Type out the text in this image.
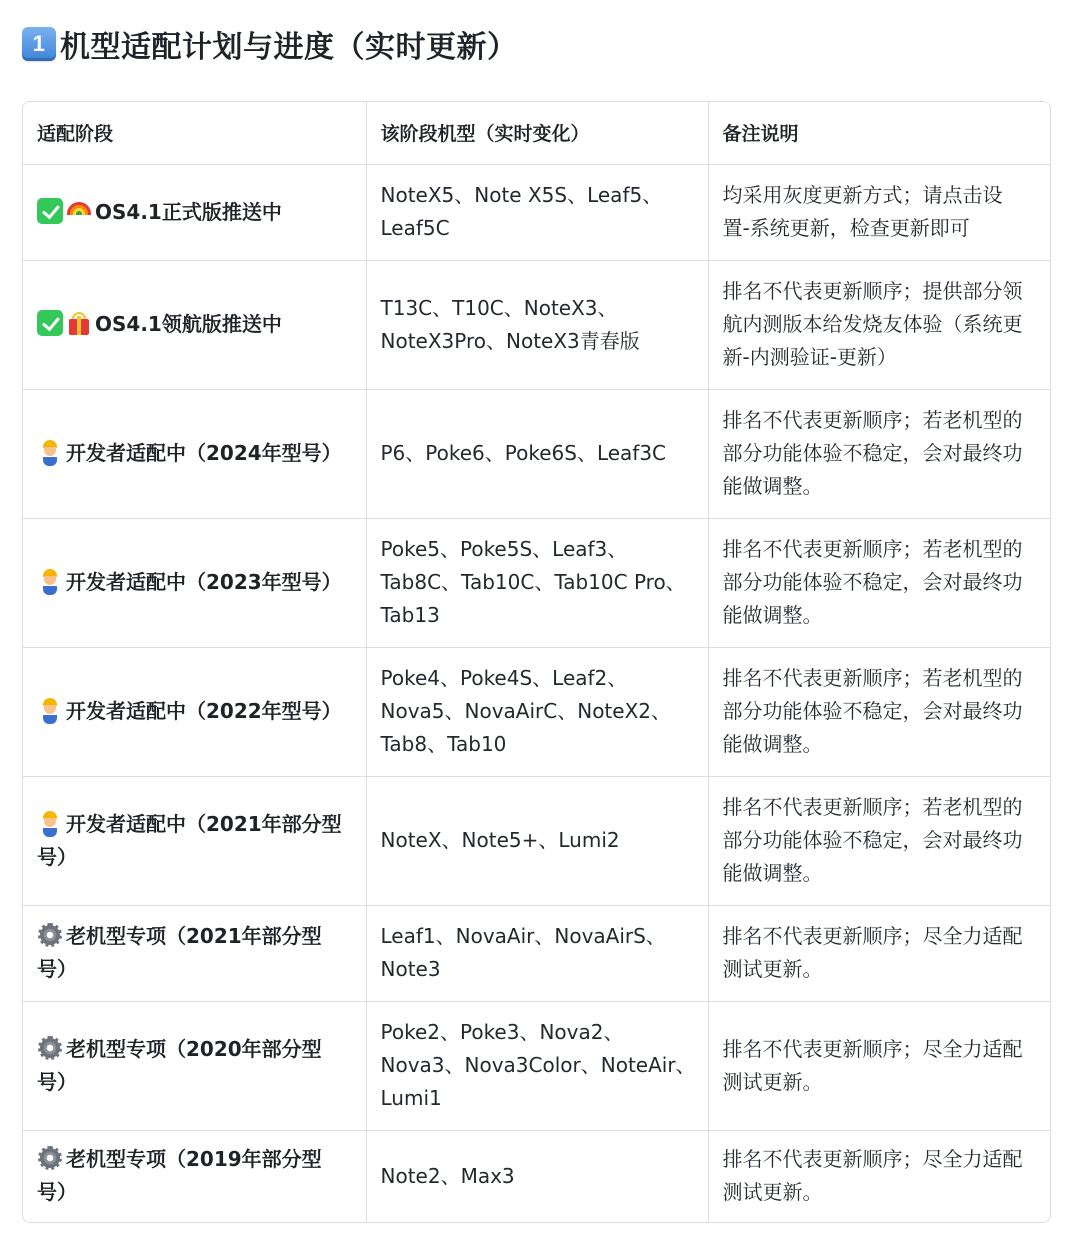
1 机型适配计划与进度（实时更新）
适配阶段	该阶段机型（实时变化）	备注说明
OS4.1正式版推送中	NoteX5、Note X5S、Leaf5、Leaf5C	均采用灰度更新方式；请点击设置-系统更新，检查更新即可

OS4.1领航版推送中	T13C、T10C、NoteX3、NoteX3Pro、NoteX3青春版	排名不代表更新顺序；提供部分领航内测版本给发烧友体验（系统更新-内测验证-更新）
开发者适配中（2024年型号）	P6、Poke6、Poke6S、Leaf3C	排名不代表更新顺序；若老机型的部分功能体验不稳定，会对最终功能做调整。
开发者适配中（2023年型号）	Poke5、Poke5S、Leaf3、Tab8C、Tab10C、Tab10C Pro、Tab13	排名不代表更新顺序；若老机型的部分功能体验不稳定，会对最终功能做调整。
开发者适配中（2022年型号）	Poke4、Poke4S、Leaf2、Nova5、NovaAirC、NoteX2、Tab8、Tab10	排名不代表更新顺序；若老机型的部分功能体验不稳定，会对最终功能做调整。
开发者适配中（2021年部分型号）	NoteX、Note5+、Lumi2	排名不代表更新顺序；若老机型的部分功能体验不稳定，会对最终功能做调整。
老机型专项（2021年部分型号）	Leaf1、NovaAir、NovaAirS、Note3	排名不代表更新顺序；尽全力适配测试更新。
老机型专项（2020年部分型号）	Poke2、Poke3、Nova2、Nova3、Nova3Color、NoteAir、Lumi1	排名不代表更新顺序；尽全力适配测试更新。
老机型专项（2019年部分型号）	Note2、Max3	排名不代表更新顺序；尽全力适配测试更新。
